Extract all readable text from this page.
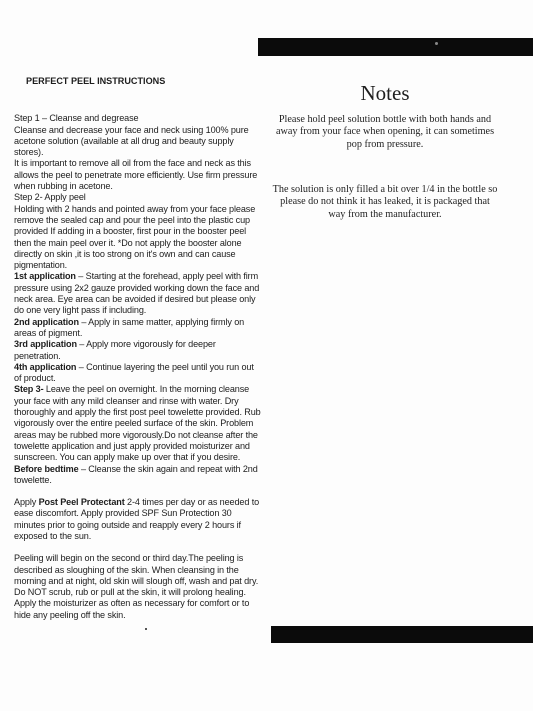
PERFECT PEEL INSTRUCTIONS

Step 1 – Cleanse and degrease

Cleanse and decrease your face and neck using 100% pure acetone solution (available at all drug and beauty supply stores).

It is important to remove all oil from the face and neck as this allows the peel to penetrate more efficiently. Use firm pressure when rubbing in acetone.

Step 2- Apply peel

Holding with 2 hands and pointed away from your face please remove the sealed cap and pour the peel into the plastic cup provided If adding in a booster, first pour in the booster peel then the main peel over it. *Do not apply the booster alone directly on skin ,it is too strong on it's own and can cause pigmentation.

1st application – Starting at the forehead, apply peel with firm pressure using 2x2 gauze provided working down the face and neck area. Eye area can be avoided if desired but please only do one very light pass if including.

2nd application – Apply in same matter, applying firmly on areas of pigment.

3rd application – Apply more vigorously for deeper penetration.

4th application – Continue layering the peel until you run out of product.

Step 3- Leave the peel on overnight. In the morning cleanse your face with any mild cleanser and rinse with water. Dry thoroughly and apply the first post peel towelette provided. Rub vigorously over the entire peeled surface of the skin. Problem areas may be rubbed more vigorously.Do not cleanse after the towelette application and just apply provided moisturizer and sunscreen. You can apply make up over that if you desire.

Before bedtime – Cleanse the skin again and repeat with 2nd towelette.

Apply Post Peel Protectant 2-4 times per day or as needed to ease discomfort. Apply provided SPF Sun Protection 30 minutes prior to going outside and reapply every 2 hours if exposed to the sun.

Peeling will begin on the second or third day.The peeling is described as sloughing of the skin. When cleansing in the morning and at night, old skin will slough off, wash and pat dry. Do NOT scrub, rub or pull at the skin, it will prolong healing. Apply the moisturizer as often as necessary for comfort or to hide any peeling off the skin.

Notes
Please hold peel solution bottle with both hands and away from your face when opening, it can sometimes pop from pressure.
The solution is only filled a bit over 1/4 in the bottle so please do not think it has leaked, it is packaged that way from the manufacturer.
